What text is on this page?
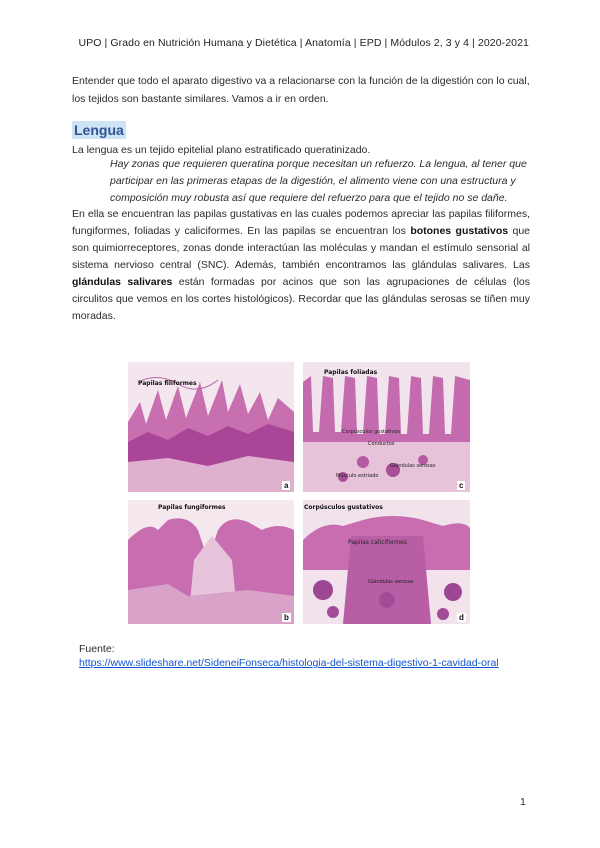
UPO | Grado en Nutrición Humana y Dietética | Anatomía | EPD | Módulos 2, 3 y 4 | 2020-2021
Entender que todo el aparato digestivo va a relacionarse con la función de la digestión con lo cual, los tejidos son bastante similares. Vamos a ir en orden.
Lengua
La lengua es un tejido epitelial plano estratificado queratinizado.
Hay zonas que requieren queratina porque necesitan un refuerzo. La lengua, al tener que participar en las primeras etapas de la digestión, el alimento viene con una estructura y composición muy robusta así que requiere del refuerzo para que el tejido no se dañe.
En ella se encuentran las papilas gustativas en las cuales podemos apreciar las papilas filiformes, fungiformes, foliadas y caliciformes. En las papilas se encuentran los botones gustativos que son quimiorreceptores, zonas donde interactúan las moléculas y mandan el estímulo sensorial al sistema nervioso central (SNC). Además, también encontramos las glándulas salivares. Las glándulas salivares están formadas por acinos que son las agrupaciones de células (los circulitos que vemos en los cortes histológicos). Recordar que las glándulas serosas se tiñen muy moradas.
Papilas filiformes
a
Papilas foliadas
Corpúsculos gustativos
Conductos
Glándulas serosas
Músculo estriado
c
Papilas fungiformes
b
Corpúsculos gustativos
Papilas caliciformes
Glándulas serosas
d
Fuente:
https://www.slideshare.net/SideneiFonseca/histologia-del-sistema-digestivo-1-cavidad-oral
1
